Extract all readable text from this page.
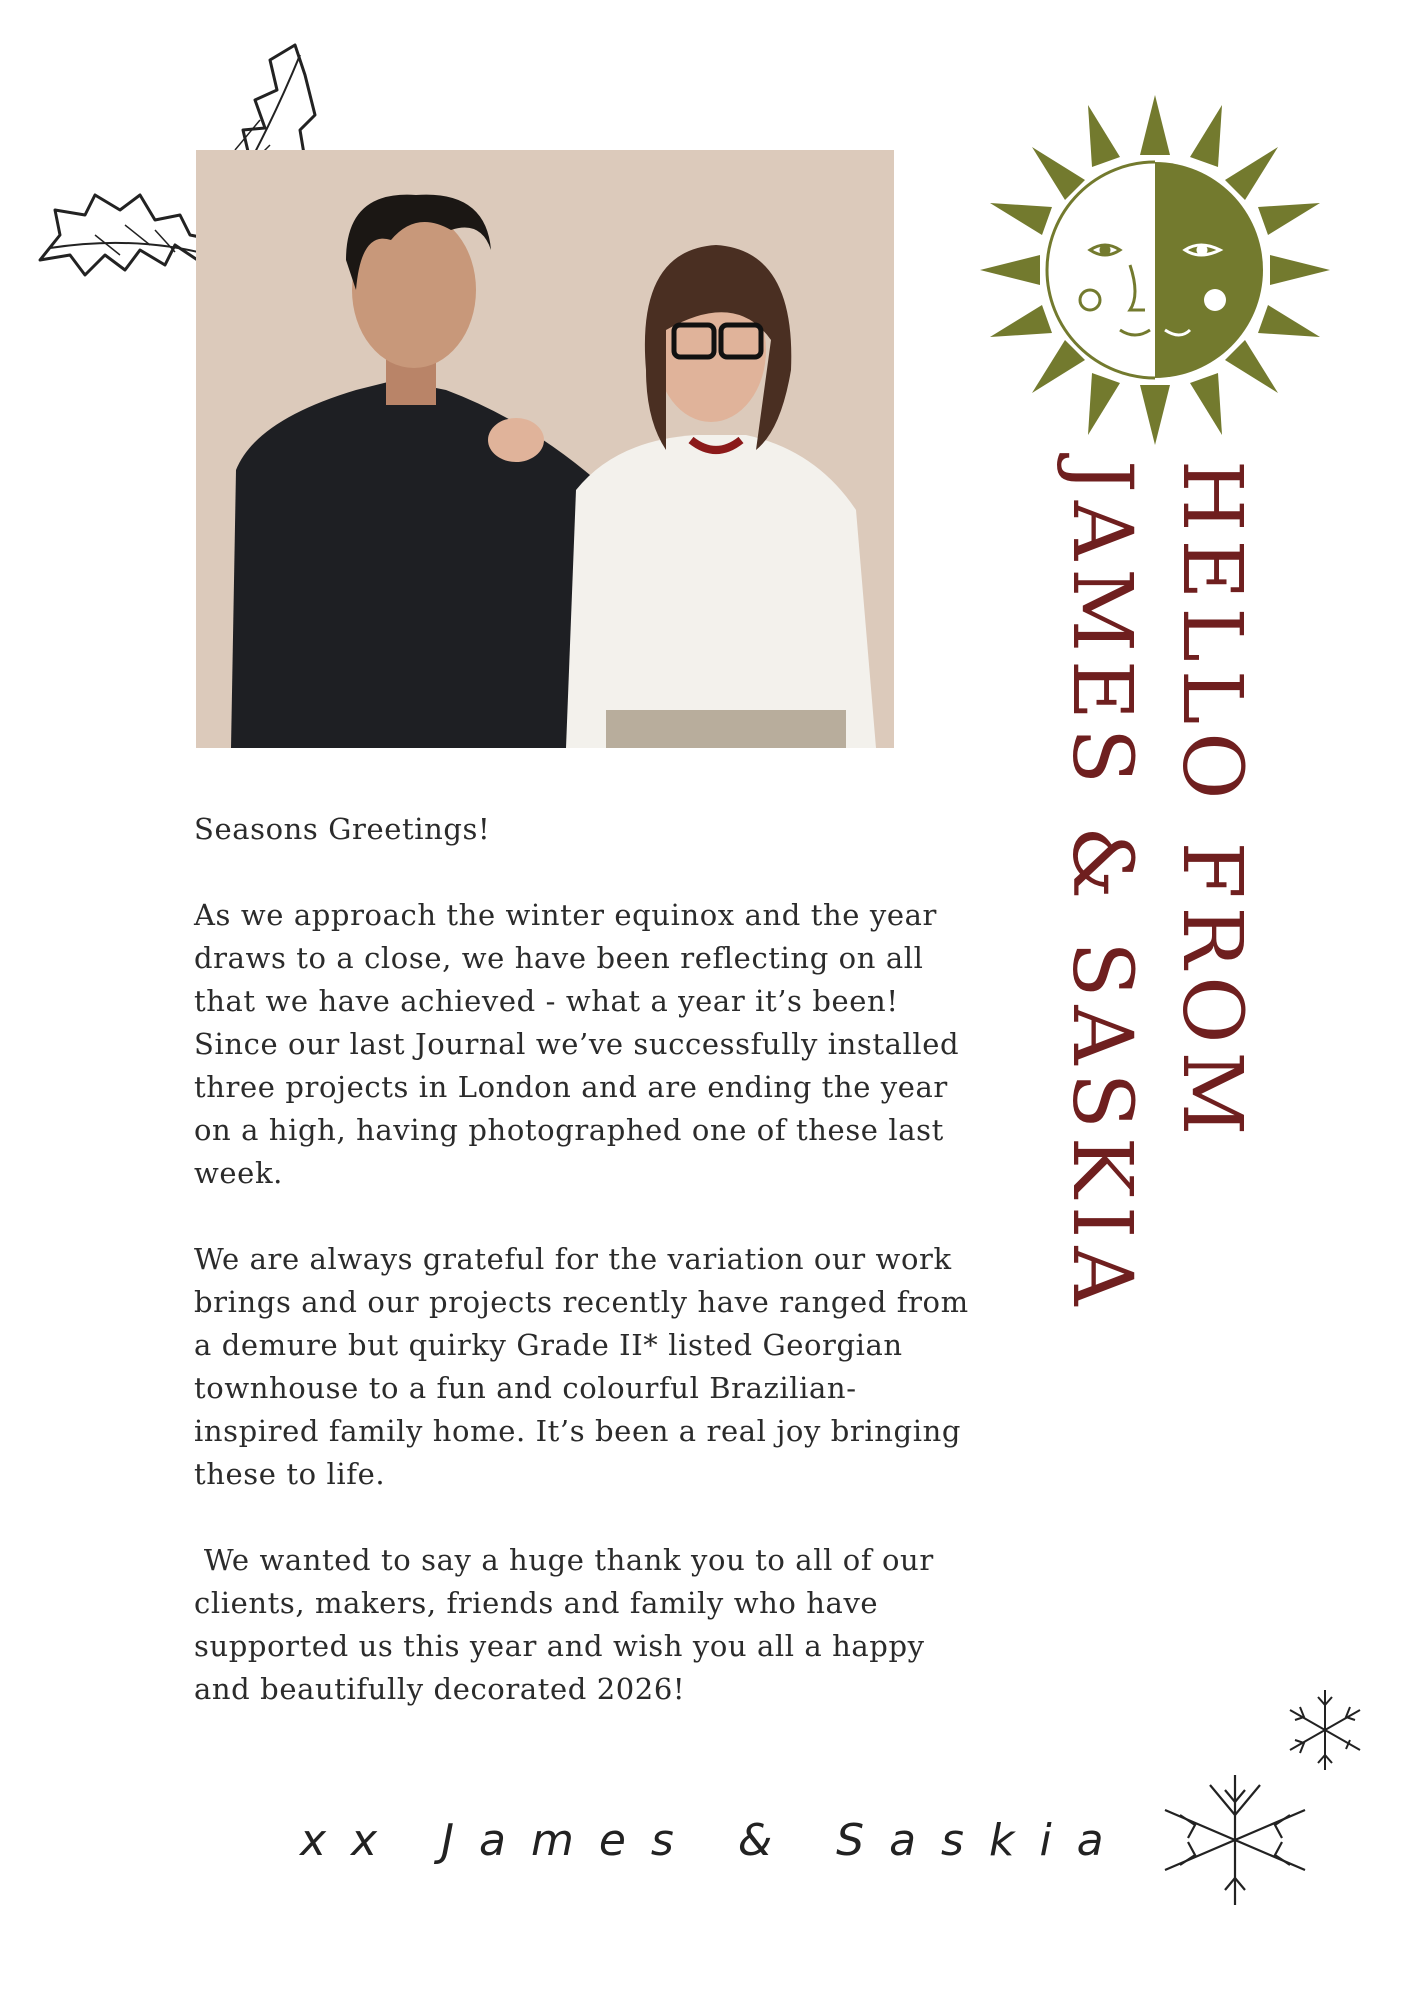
HELLO FROM
JAMES & SASKIA

Seasons Greetings!

As we approach the winter equinox and the year
draws to a close, we have been reflecting on all
that we have achieved - what a year it’s been!
Since our last Journal we’ve successfully installed
three projects in London and are ending the year
on a high, having photographed one of these last
week.

We are always grateful for the variation our work
brings and our projects recently have ranged from
a demure but quirky Grade II* listed Georgian
townhouse to a fun and colourful Brazilian-
inspired family home. It’s been a real joy bringing
these to life.

We wanted to say a huge thank you to all of our
clients, makers, friends and family who have
supported us this year and wish you all a happy
and beautifully decorated 2026!

xx James & Saskia
